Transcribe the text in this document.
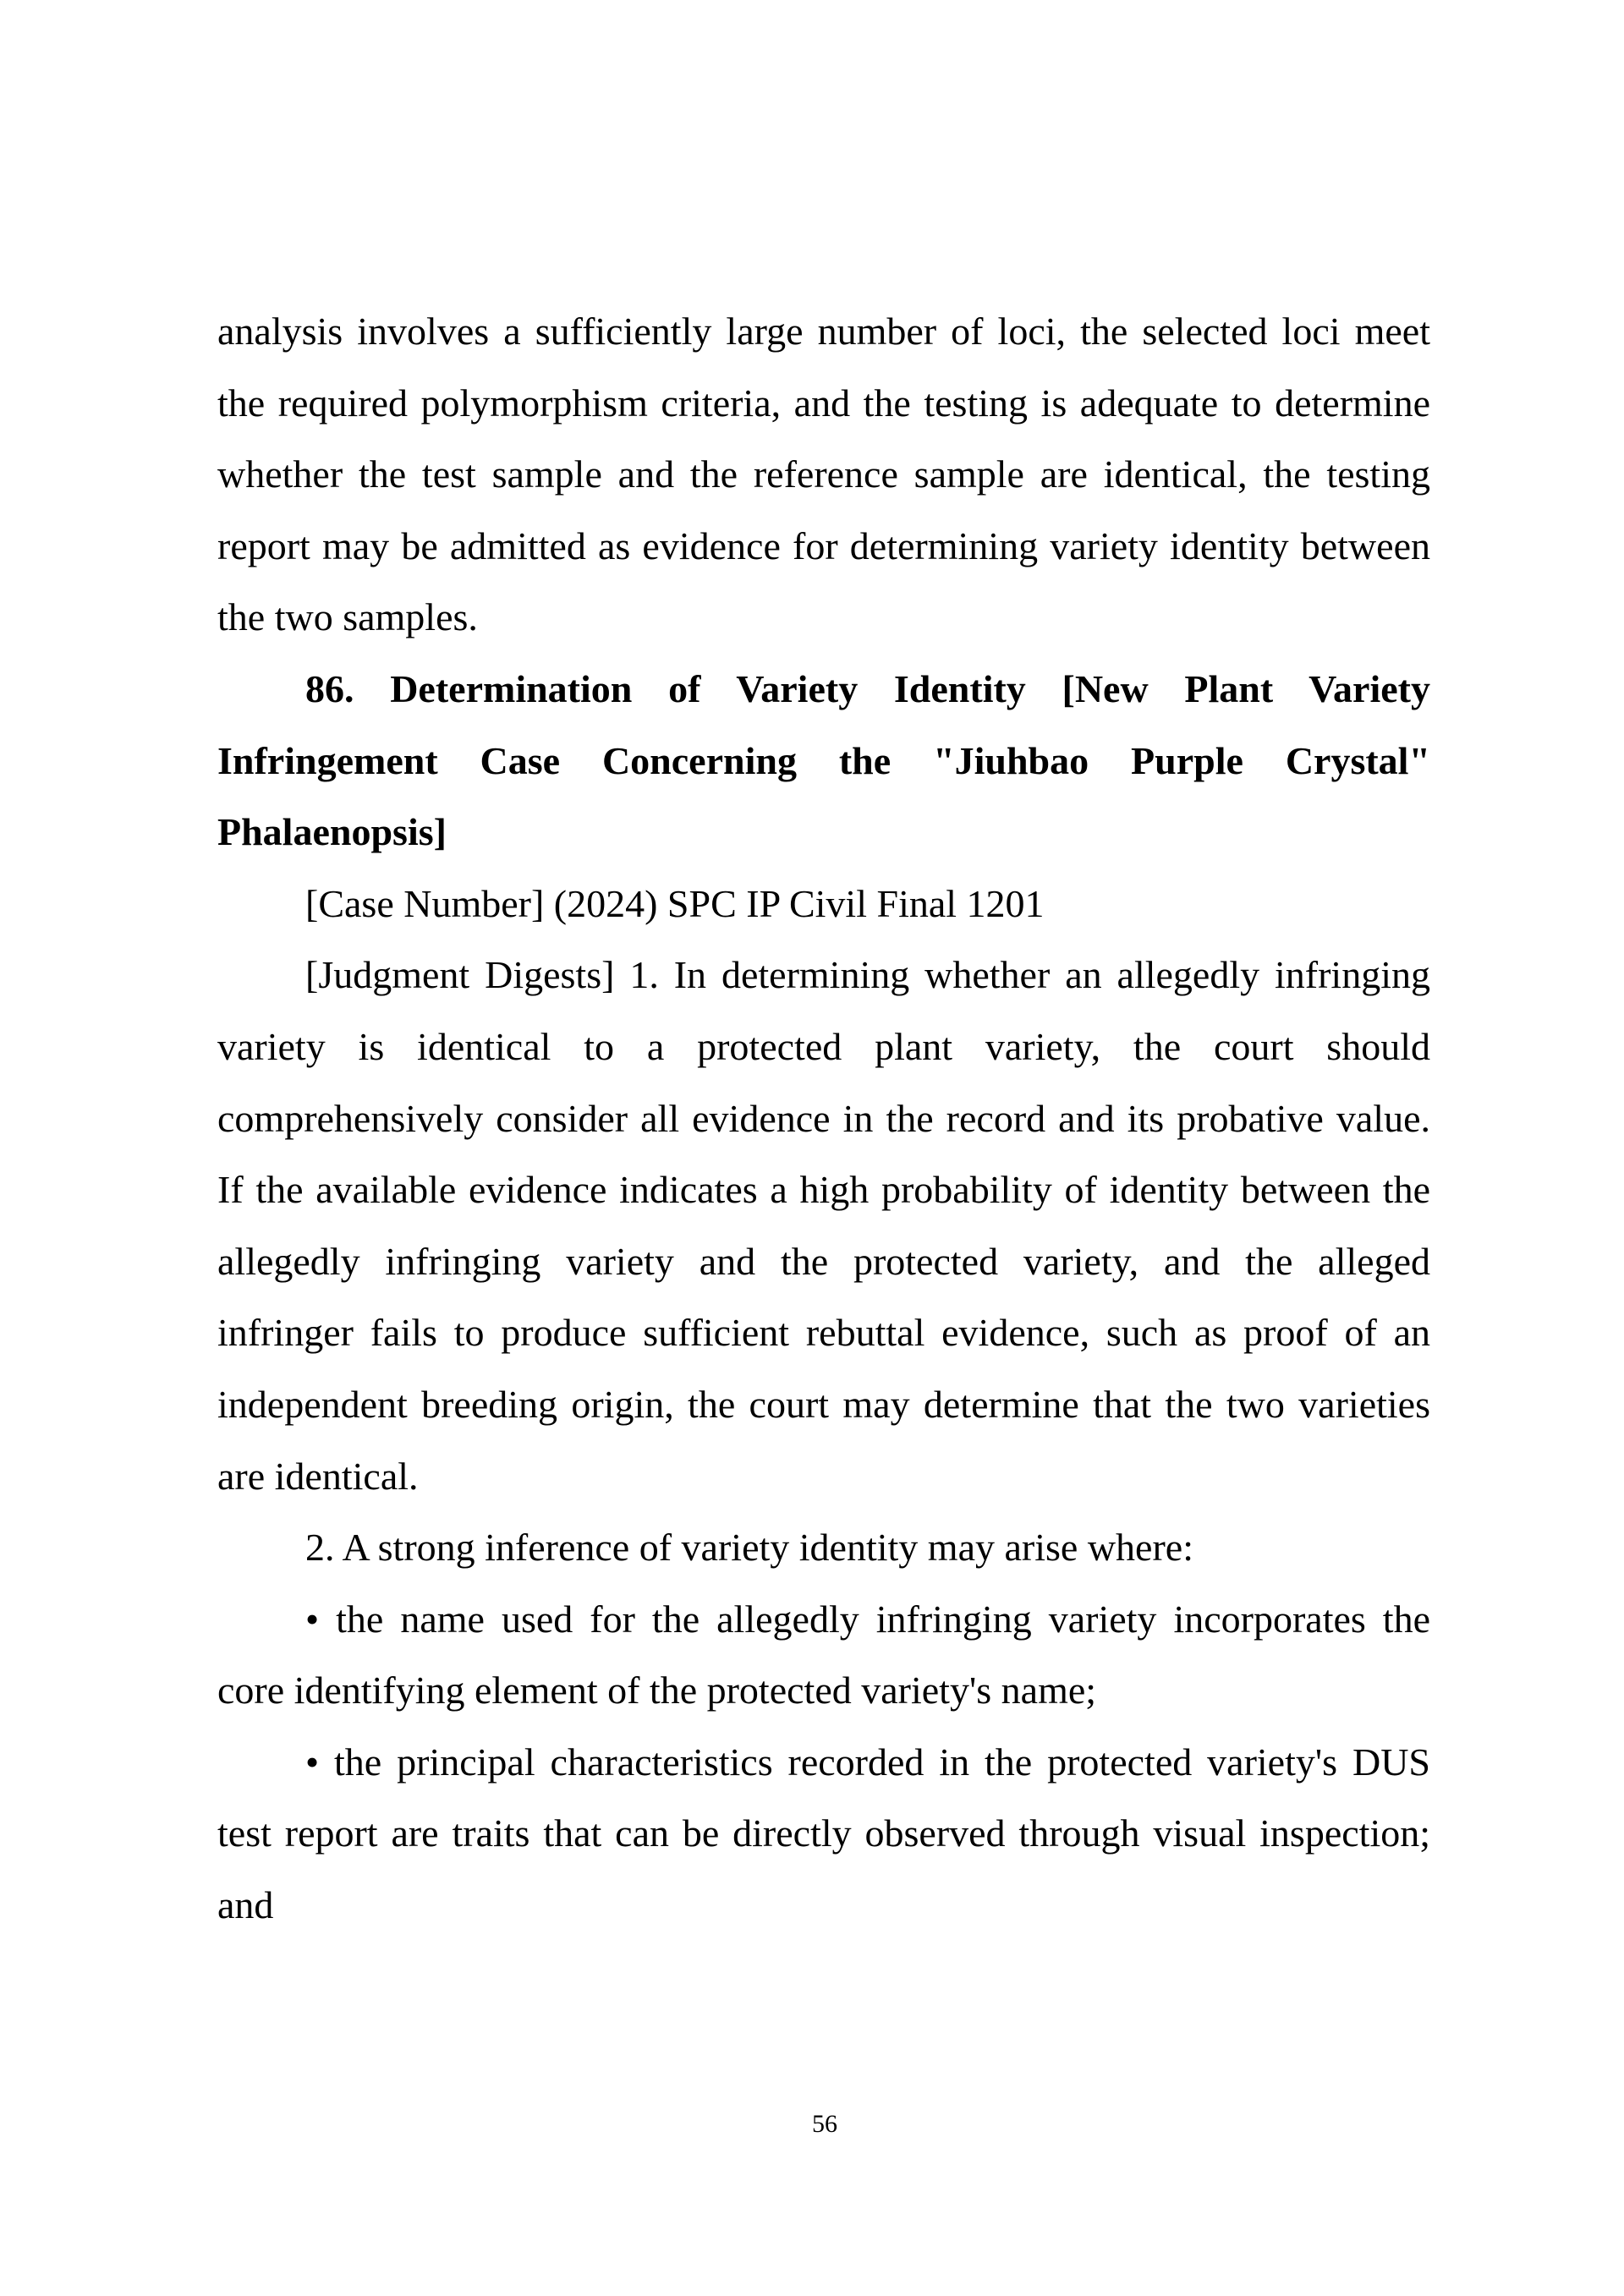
analysis involves a sufficiently large number of loci, the selected loci meet the required polymorphism criteria, and the testing is adequate to determine whether the test sample and the reference sample are identical, the testing report may be admitted as evidence for determining variety identity between the two samples.

86. Determination of Variety Identity [New Plant Variety Infringement Case Concerning the "Jiuhbao Purple Crystal" Phalaenopsis]

[Case Number] (2024) SPC IP Civil Final 1201

[Judgment Digests] 1. In determining whether an allegedly infringing variety is identical to a protected plant variety, the court should comprehensively consider all evidence in the record and its probative value. If the available evidence indicates a high probability of identity between the allegedly infringing variety and the protected variety, and the alleged infringer fails to produce sufficient rebuttal evidence, such as proof of an independent breeding origin, the court may determine that the two varieties are identical.

2. A strong inference of variety identity may arise where:

• the name used for the allegedly infringing variety incorporates the core identifying element of the protected variety's name;

• the principal characteristics recorded in the protected variety's DUS test report are traits that can be directly observed through visual inspection; and

56
